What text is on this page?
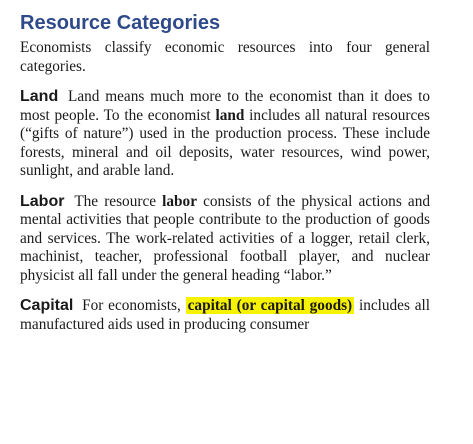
Resource Categories

Economists classify economic resources into four general categories.

Land Land means much more to the economist than it does to most people. To the economist land includes all natural resources (“gifts of nature”) used in the production process. These include forests, mineral and oil deposits, water resources, wind power, sunlight, and arable land.

Labor The resource labor consists of the physical actions and mental activities that people contribute to the production of goods and services. The work-related activities of a logger, retail clerk, machinist, teacher, professional football player, and nuclear physicist all fall under the general heading “labor.”

Capital For economists, capital (or capital goods) includes all manufactured aids used in producing consumer
